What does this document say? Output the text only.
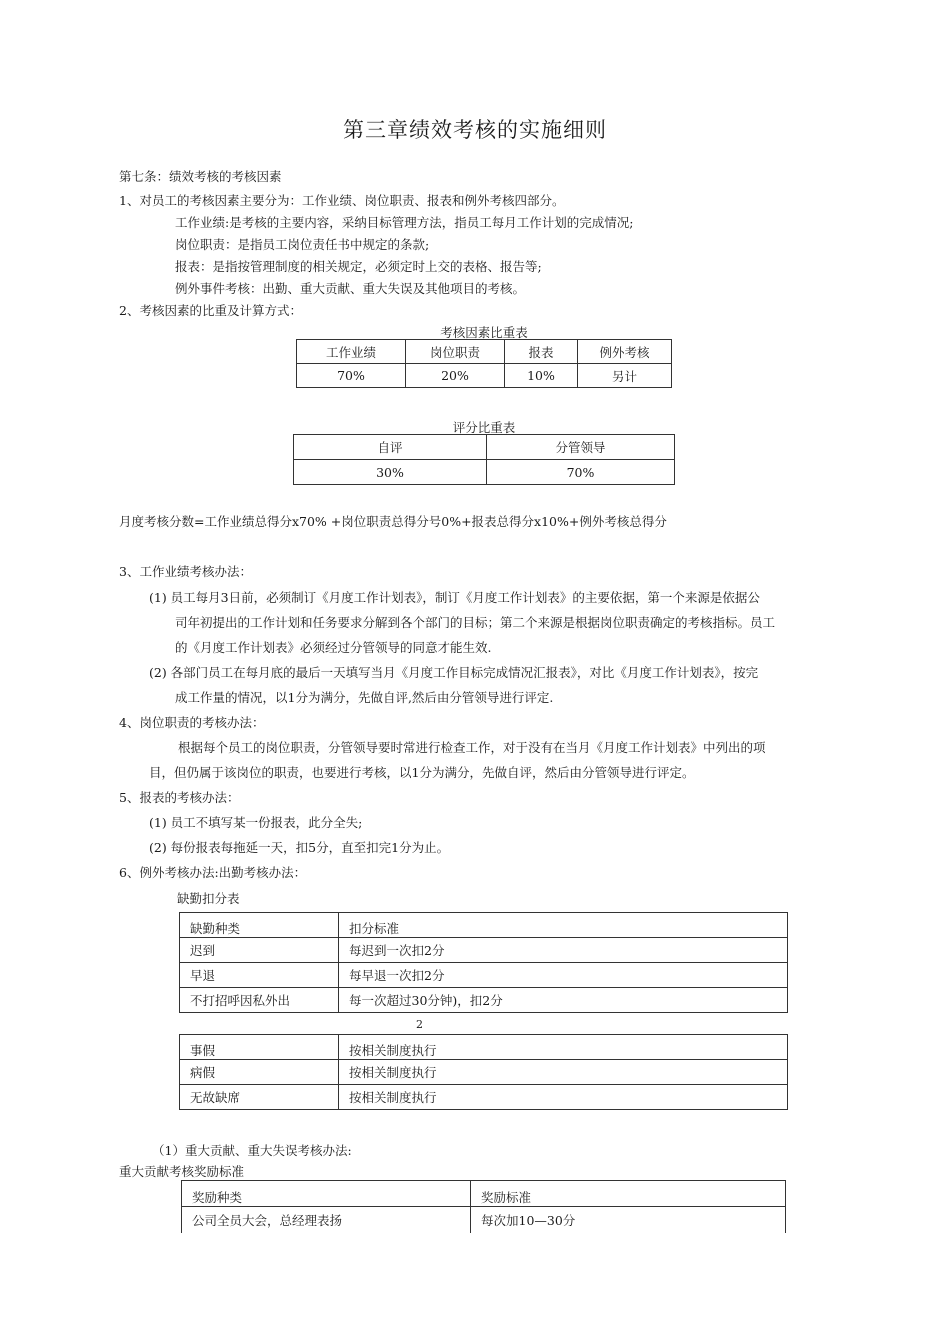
第三章绩效考核的实施细则
第七条：绩效考核的考核因素
1、对员工的考核因素主要分为：工作业绩、岗位职责、报表和例外考核四部分。
工作业绩:是考核的主要内容，采纳目标管理方法，指员工每月工作计划的完成情况;
岗位职责：是指员工岗位责任书中规定的条款;
报表：是指按管理制度的相关规定，必须定时上交的表格、报告等;
例外事件考核：出勤、重大贡献、重大失误及其他项目的考核。
2、考核因素的比重及计算方式：
考核因素比重表
工作业绩	岗位职责	报表	例外考核
70%	20%	10%	另计
评分比重表
自评	分管领导
30%	70%
月度考核分数=工作业绩总得分x70% +岗位职责总得分号0%+报表总得分x10%+例外考核总得分
3、工作业绩考核办法：
(1) 员工每月3日前，必须制订《月度工作计划表》，制订《月度工作计划表》的主要依据，第一个来源是依据公
司年初提出的工作计划和任务要求分解到各个部门的目标；第二个来源是根据岗位职责确定的考核指标。员工
的《月度工作计划表》必须经过分管领导的同意才能生效.
(2) 各部门员工在每月底的最后一天填写当月《月度工作目标完成情况汇报表》，对比《月度工作计划表》，按完
成工作量的情况，以1分为满分，先做自评,然后由分管领导进行评定.
4、岗位职责的考核办法：
根据每个员工的岗位职责，分管领导要时常进行检查工作，对于没有在当月《月度工作计划表》中列出的项
目，但仍属于该岗位的职责，也要进行考核，以1分为满分，先做自评，然后由分管领导进行评定。
5、报表的考核办法：
(1) 员工不填写某一份报表，此分全失;
(2) 每份报表每拖延一天，扣5分，直至扣完1分为止。
6、例外考核办法:出勤考核办法：
缺勤扣分表
缺勤种类	扣分标准
迟到	每迟到一次扣2分
早退	每早退一次扣2分
不打招呼因私外出	每一次超过30分钟)，扣2分
2
事假	按相关制度执行
病假	按相关制度执行
无故缺席	按相关制度执行
（1）重大贡献、重大失误考核办法:
重大贡献考核奖励标准
奖励种类	奖励标准
公司全员大会，总经理表扬	每次加10—30分
